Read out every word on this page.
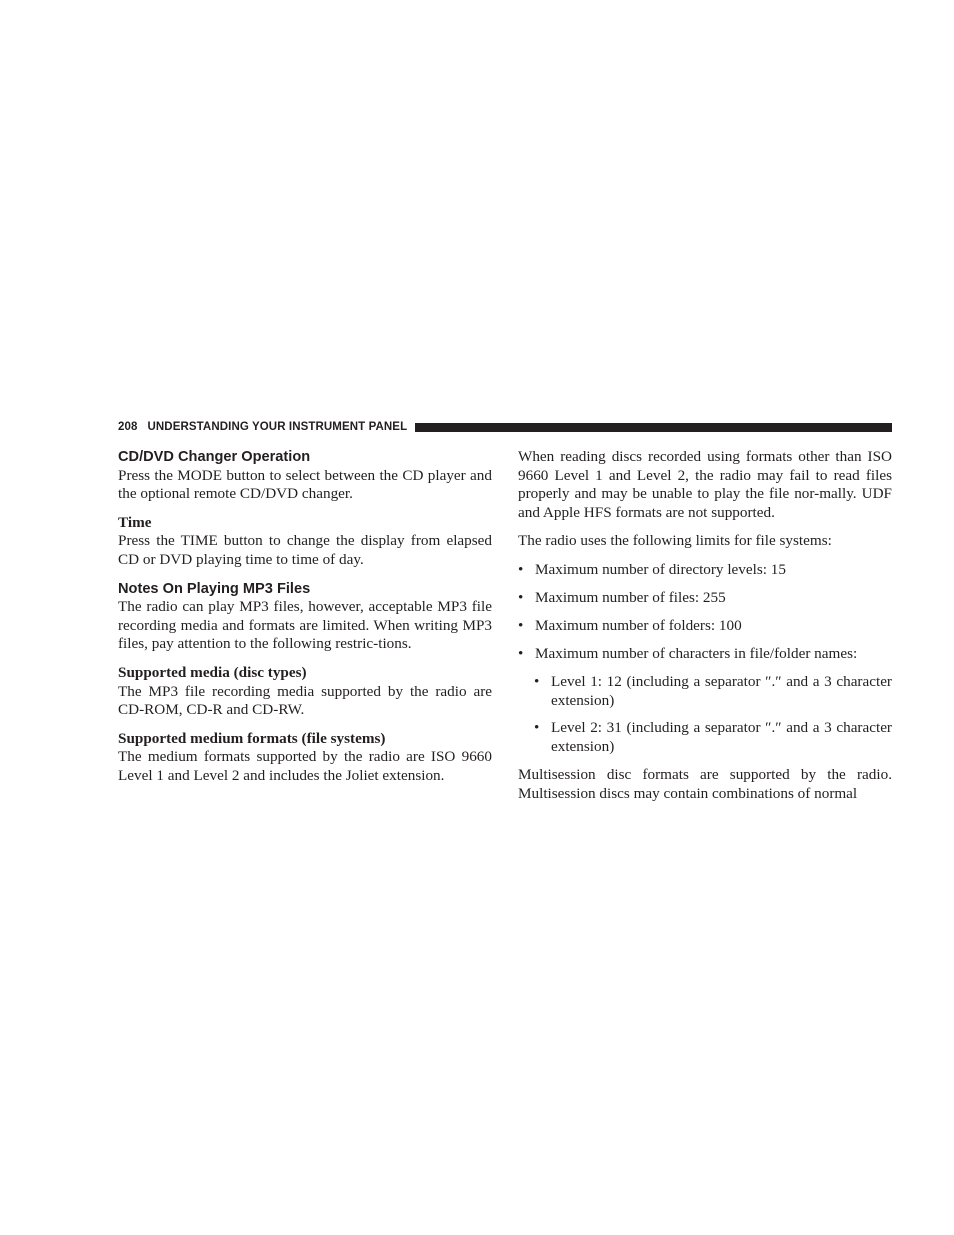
208 UNDERSTANDING YOUR INSTRUMENT PANEL
CD/DVD Changer Operation

Press the MODE button to select between the CD player and the optional remote CD/DVD changer.

Time

Press the TIME button to change the display from elapsed CD or DVD playing time to time of day.

Notes On Playing MP3 Files

The radio can play MP3 files, however, acceptable MP3 file recording media and formats are limited. When writing MP3 files, pay attention to the following restric-tions.

Supported media (disc types)

The MP3 file recording media supported by the radio are CD-ROM, CD-R and CD-RW.

Supported medium formats (file systems)

The medium formats supported by the radio are ISO 9660 Level 1 and Level 2 and includes the Joliet extension.

When reading discs recorded using formats other than ISO 9660 Level 1 and Level 2, the radio may fail to read files properly and may be unable to play the file nor-mally. UDF and Apple HFS formats are not supported.

The radio uses the following limits for file systems:

• Maximum number of directory levels: 15
• Maximum number of files: 255
• Maximum number of folders: 100
• Maximum number of characters in file/folder names:
• Level 1: 12 (including a separator ″.″ and a 3 character extension)
• Level 2: 31 (including a separator ″.″ and a 3 character extension)

Multisession disc formats are supported by the radio. Multisession discs may contain combinations of normal
